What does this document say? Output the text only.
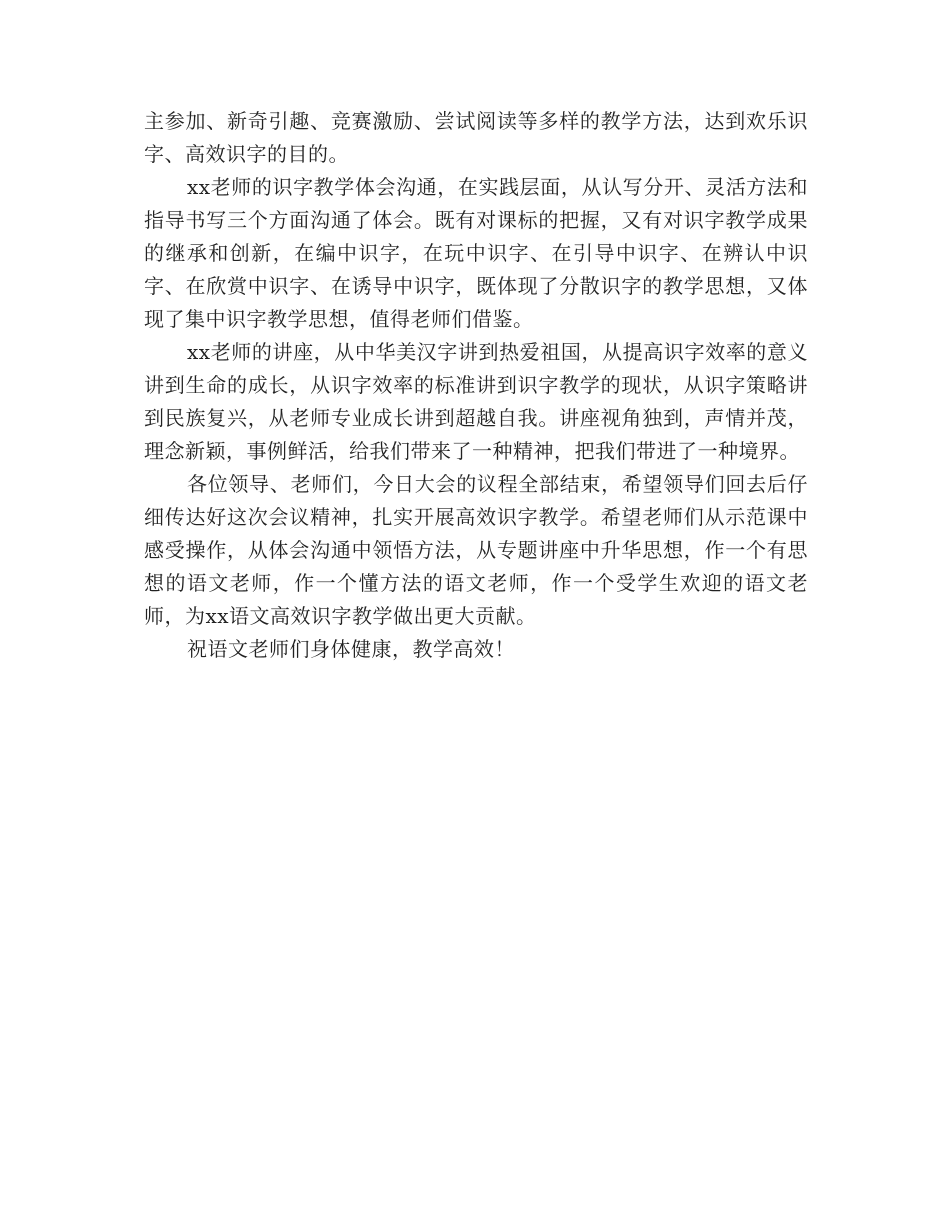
主参加、新奇引趣、竞赛激励、尝试阅读等多样的教学方法，达到欢乐识字、高效识字的目的。

xx老师的识字教学体会沟通，在实践层面，从认写分开、灵活方法和指导书写三个方面沟通了体会。既有对课标的把握，又有对识字教学成果的继承和创新，在编中识字，在玩中识字、在引导中识字、在辨认中识字、在欣赏中识字、在诱导中识字，既体现了分散识字的教学思想，又体现了集中识字教学思想，值得老师们借鉴。

xx老师的讲座，从中华美汉字讲到热爱祖国，从提高识字效率的意义讲到生命的成长，从识字效率的标准讲到识字教学的现状，从识字策略讲到民族复兴，从老师专业成长讲到超越自我。讲座视角独到，声情并茂，理念新颖，事例鲜活，给我们带来了一种精神，把我们带进了一种境界。

各位领导、老师们，今日大会的议程全部结束，希望领导们回去后仔细传达好这次会议精神，扎实开展高效识字教学。希望老师们从示范课中感受操作，从体会沟通中领悟方法，从专题讲座中升华思想，作一个有思想的语文老师，作一个懂方法的语文老师，作一个受学生欢迎的语文老师，为xx语文高效识字教学做出更大贡献。

祝语文老师们身体健康，教学高效！
